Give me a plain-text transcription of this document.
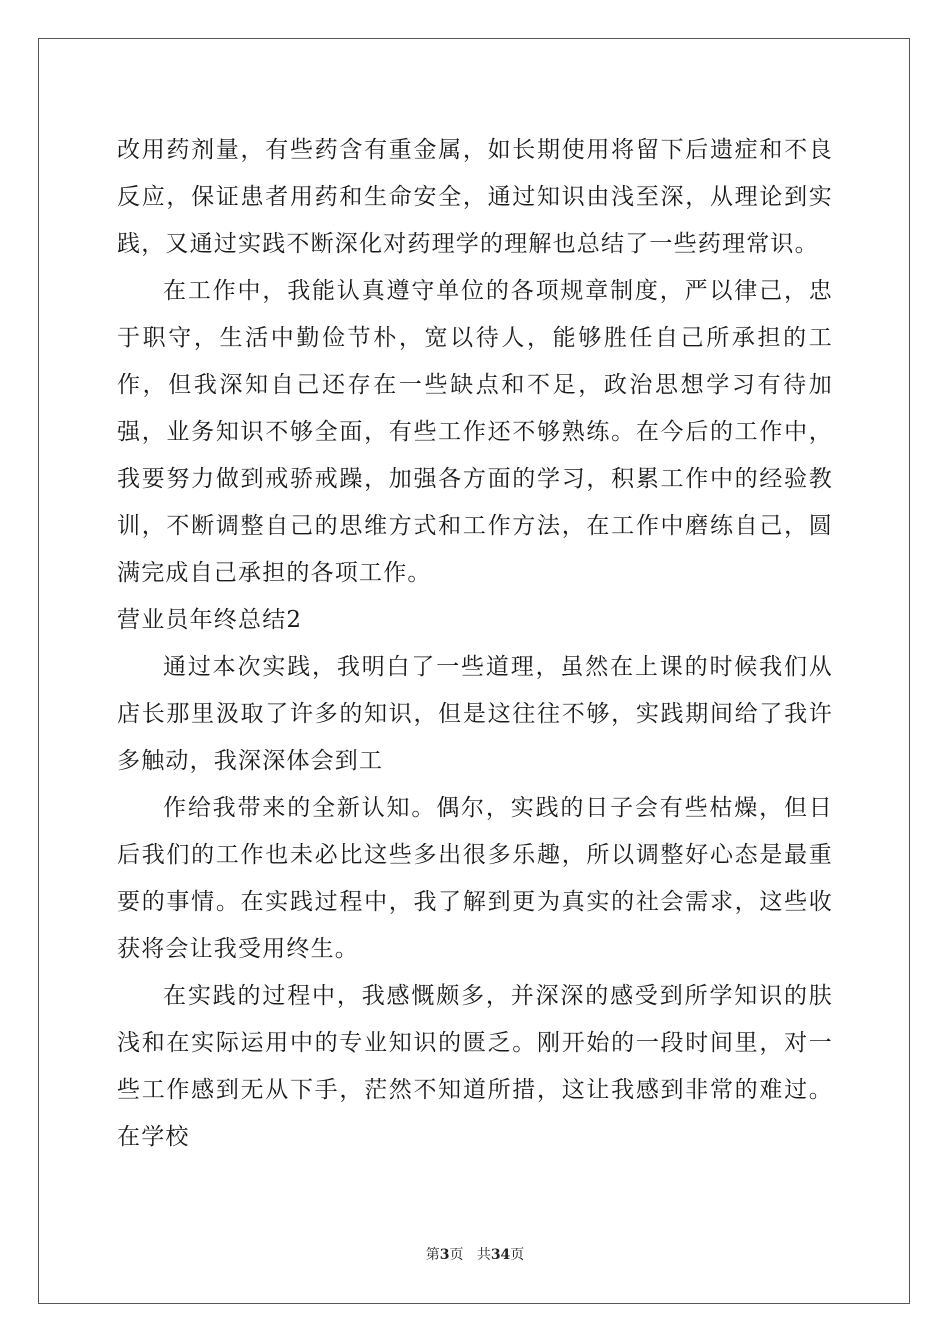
改用药剂量，有些药含有重金属，如长期使用将留下后遗症和不良反应，保证患者用药和生命安全，通过知识由浅至深，从理论到实践，又通过实践不断深化对药理学的理解也总结了一些药理常识。

在工作中，我能认真遵守单位的各项规章制度，严以律己，忠于职守，生活中勤俭节朴，宽以待人，能够胜任自己所承担的工作，但我深知自己还存在一些缺点和不足，政治思想学习有待加强，业务知识不够全面，有些工作还不够熟练。在今后的工作中，我要努力做到戒骄戒躁，加强各方面的学习，积累工作中的经验教训，不断调整自己的思维方式和工作方法，在工作中磨练自己，圆满完成自己承担的各项工作。

营业员年终总结2

通过本次实践，我明白了一些道理，虽然在上课的时候我们从店长那里汲取了许多的知识，但是这往往不够，实践期间给了我许多触动，我深深体会到工

作给我带来的全新认知。偶尔，实践的日子会有些枯燥，但日后我们的工作也未必比这些多出很多乐趣，所以调整好心态是最重要的事情。在实践过程中，我了解到更为真实的社会需求，这些收获将会让我受用终生。

在实践的过程中，我感慨颇多，并深深的感受到所学知识的肤浅和在实际运用中的专业知识的匮乏。刚开始的一段时间里，对一些工作感到无从下手，茫然不知道所措，这让我感到非常的难过。在学校

第3页 共34页
